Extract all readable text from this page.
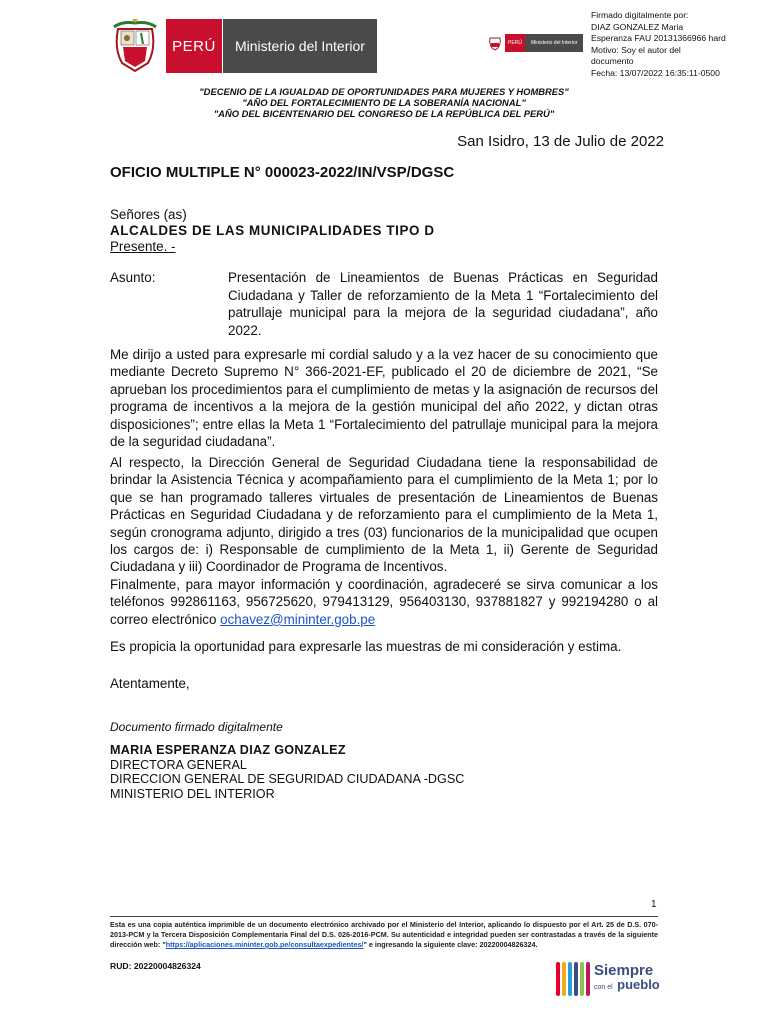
PERÚ	Ministerio del Interior	PERÚ	Ministerio del Interior
Firmado digitalmente por:
DIAZ GONZALEZ Maria
Esperanza FAU 20131366966 hard
Motivo: Soy el autor del
documento
Fecha: 13/07/2022 16:35:11-0500
"DECENIO DE LA IGUALDAD DE OPORTUNIDADES PARA MUJERES Y HOMBRES"
"AÑO DEL FORTALECIMIENTO DE LA SOBERANÍA NACIONAL"
"AÑO DEL BICENTENARIO DEL CONGRESO DE LA REPÚBLICA DEL PERÚ"
San Isidro, 13 de Julio de 2022
OFICIO MULTIPLE N° 000023-2022/IN/VSP/DGSC
Señores (as)
ALCALDES DE LAS MUNICIPALIDADES TIPO D
Presente. -
Asunto:	Presentación de Lineamientos de Buenas Prácticas en Seguridad Ciudadana y Taller de reforzamiento de la Meta 1 “Fortalecimiento del patrullaje municipal para la mejora de la seguridad ciudadana”, año 2022.
Me dirijo a usted para expresarle mi cordial saludo y a la vez hacer de su conocimiento que mediante Decreto Supremo N° 366-2021-EF, publicado el 20 de diciembre de 2021, “Se aprueban los procedimientos para el cumplimiento de metas y la asignación de recursos del programa de incentivos a la mejora de la gestión municipal del año 2022, y dictan otras disposiciones”; entre ellas la Meta 1 “Fortalecimiento del patrullaje municipal para la mejora de la seguridad ciudadana”.
Al respecto, la Dirección General de Seguridad Ciudadana tiene la responsabilidad de brindar la Asistencia Técnica y acompañamiento para el cumplimiento de la Meta 1; por lo que se han programado talleres virtuales de presentación de Lineamientos de Buenas Prácticas en Seguridad Ciudadana y de reforzamiento para el cumplimiento de la Meta 1, según cronograma adjunto, dirigido a tres (03) funcionarios de la municipalidad que ocupen los cargos de: i) Responsable de cumplimiento de la Meta 1, ii) Gerente de Seguridad Ciudadana y iii) Coordinador de Programa de Incentivos.
Finalmente, para mayor información y coordinación, agradeceré se sirva comunicar a los teléfonos 992861163, 956725620, 979413129, 956403130, 937881827 y 992194280 o al correo electrónico ochavez@mininter.gob.pe
Es propicia la oportunidad para expresarle las muestras de mi consideración y estima.
Atentamente,
Documento firmado digitalmente
MARIA ESPERANZA DIAZ GONZALEZ
DIRECTORA GENERAL
DIRECCION GENERAL DE SEGURIDAD CIUDADANA -DGSC
MINISTERIO DEL INTERIOR
1
Esta es una copia auténtica imprimible de un documento electrónico archivado por el Ministerio del Interior, aplicando lo dispuesto por el Art. 25 de D.S. 070-2013-PCM y la Tercera Disposición Complementaria Final del D.S. 026-2016-PCM. Su autenticidad e integridad pueden ser contrastadas a través de la siguiente dirección web: "https://aplicaciones.mininter.gob.pe/consultaexpedientes/" e ingresando la siguiente clave: 20220004826324.
RUD: 20220004826324	Siempre
con el pueblo
